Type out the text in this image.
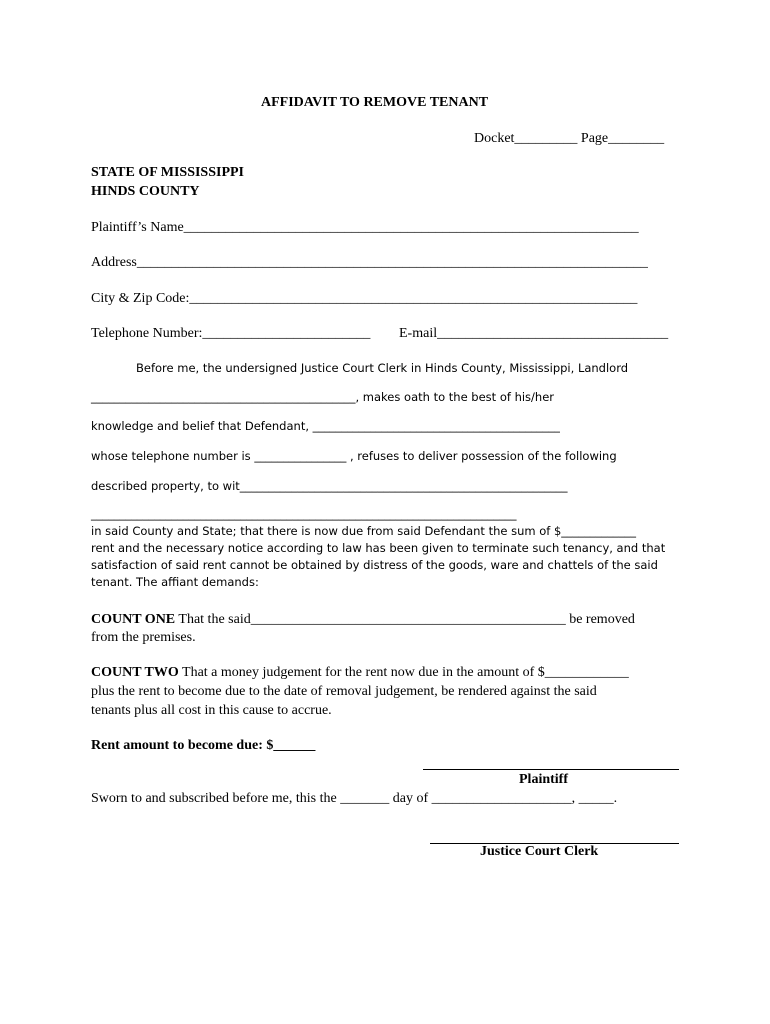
AFFIDAVIT TO REMOVE TENANT
Docket_________ Page________
STATE OF MISSISSIPPI
HINDS COUNTY
Plaintiff’s Name_________________________________________________________________
Address_________________________________________________________________________
City & Zip Code:________________________________________________________________
Telephone Number:________________________ E-mail_________________________________
Before me, the undersigned Justice Court Clerk in Hinds County, Mississippi, Landlord
______________________________________________, makes oath to the best of his/her
knowledge and belief that Defendant, ___________________________________________
whose telephone number is ________________ , refuses to deliver possession of the following
described property, to wit_________________________________________________________
__________________________________________________________________________
in said County and State; that there is now due from said Defendant the sum of $_____________
rent and the necessary notice according to law has been given to terminate such tenancy, and that
satisfaction of said rent cannot be obtained by distress of the goods, ware and chattels of the said
tenant. The affiant demands:
COUNT ONE That the said_____________________________________________ be removed
from the premises.
COUNT TWO That a money judgement for the rent now due in the amount of $____________
plus the rent to become due to the date of removal judgement, be rendered against the said
tenants plus all cost in this cause to accrue.
Rent amount to become due: $______
Plaintiff
Sworn to and subscribed before me, this the _______ day of ____________________, _____.
Justice Court Clerk
